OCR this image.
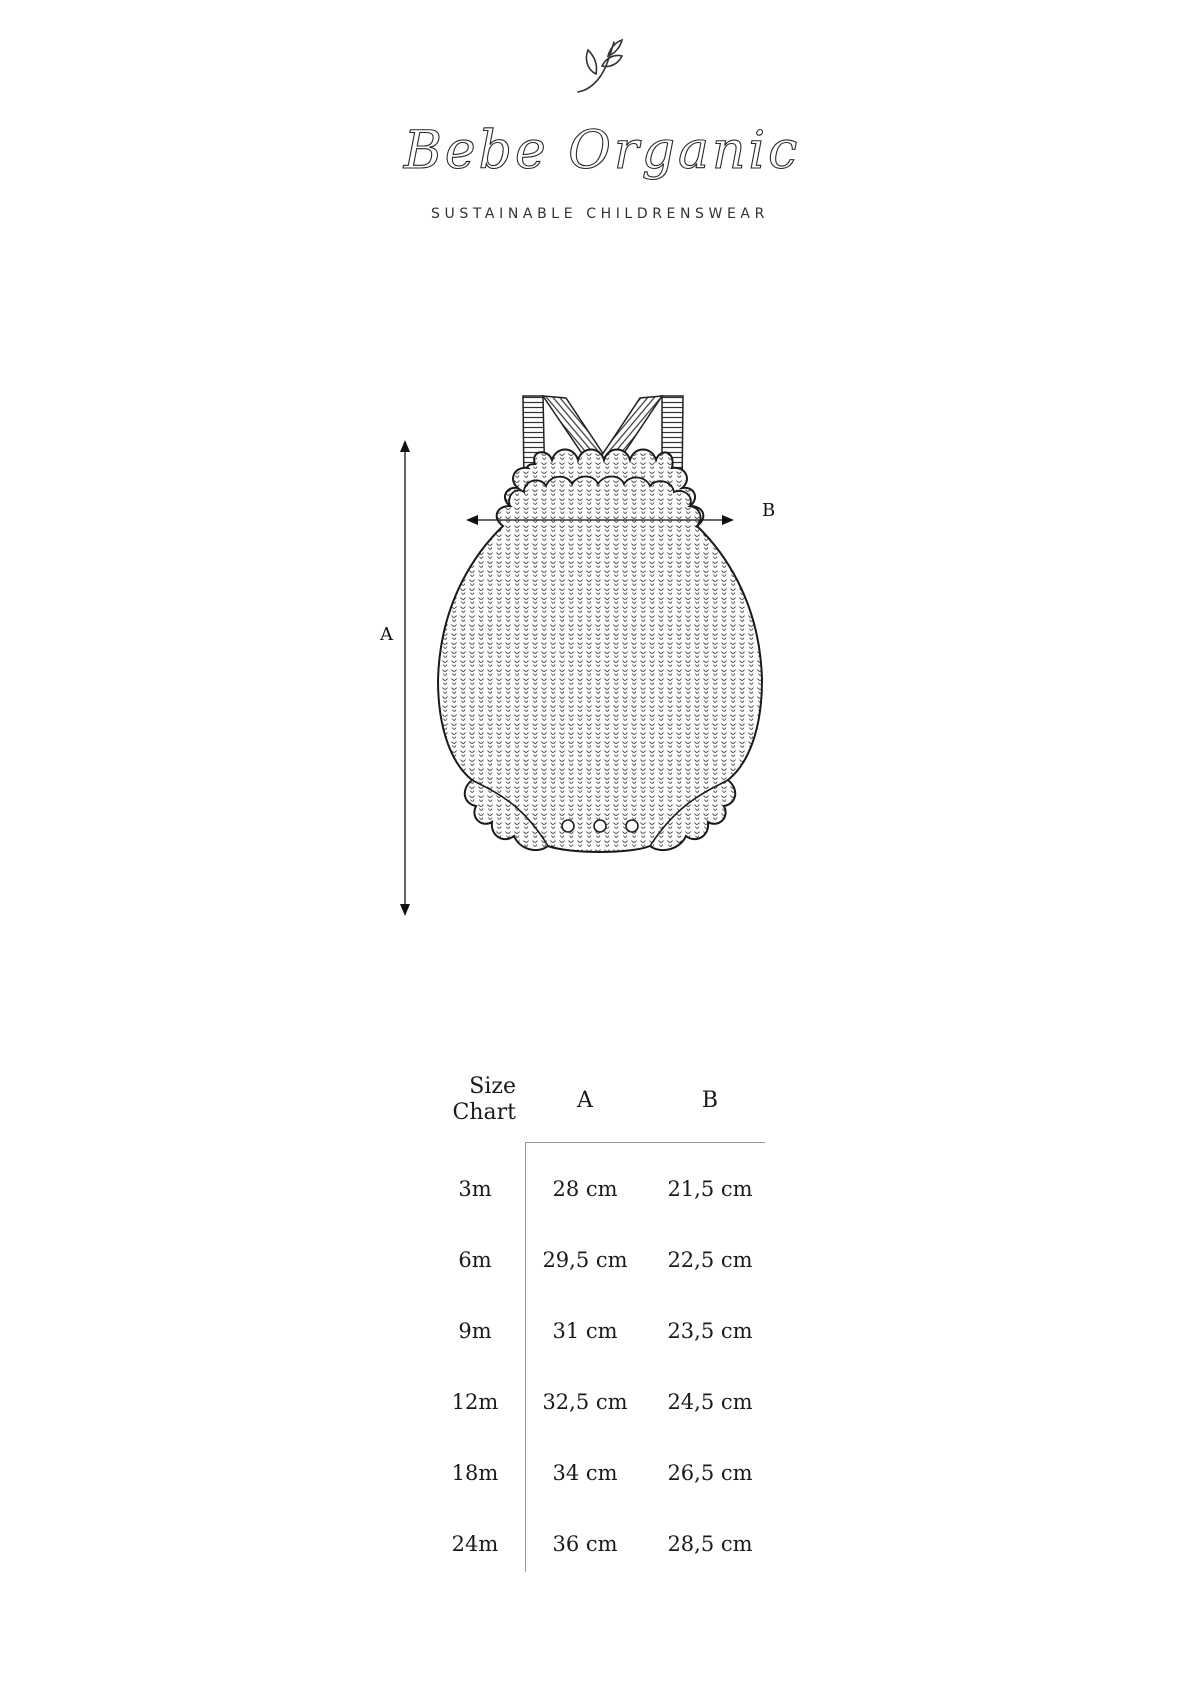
Bebe Organic
SUSTAINABLE CHILDRENSWEAR
A
B
Size
Chart	A	B
3m	28 cm	21,5 cm
6m	29,5 cm	22,5 cm
9m	31 cm	23,5 cm
12m	32,5 cm	24,5 cm
18m	34 cm	26,5 cm
24m	36 cm	28,5 cm
